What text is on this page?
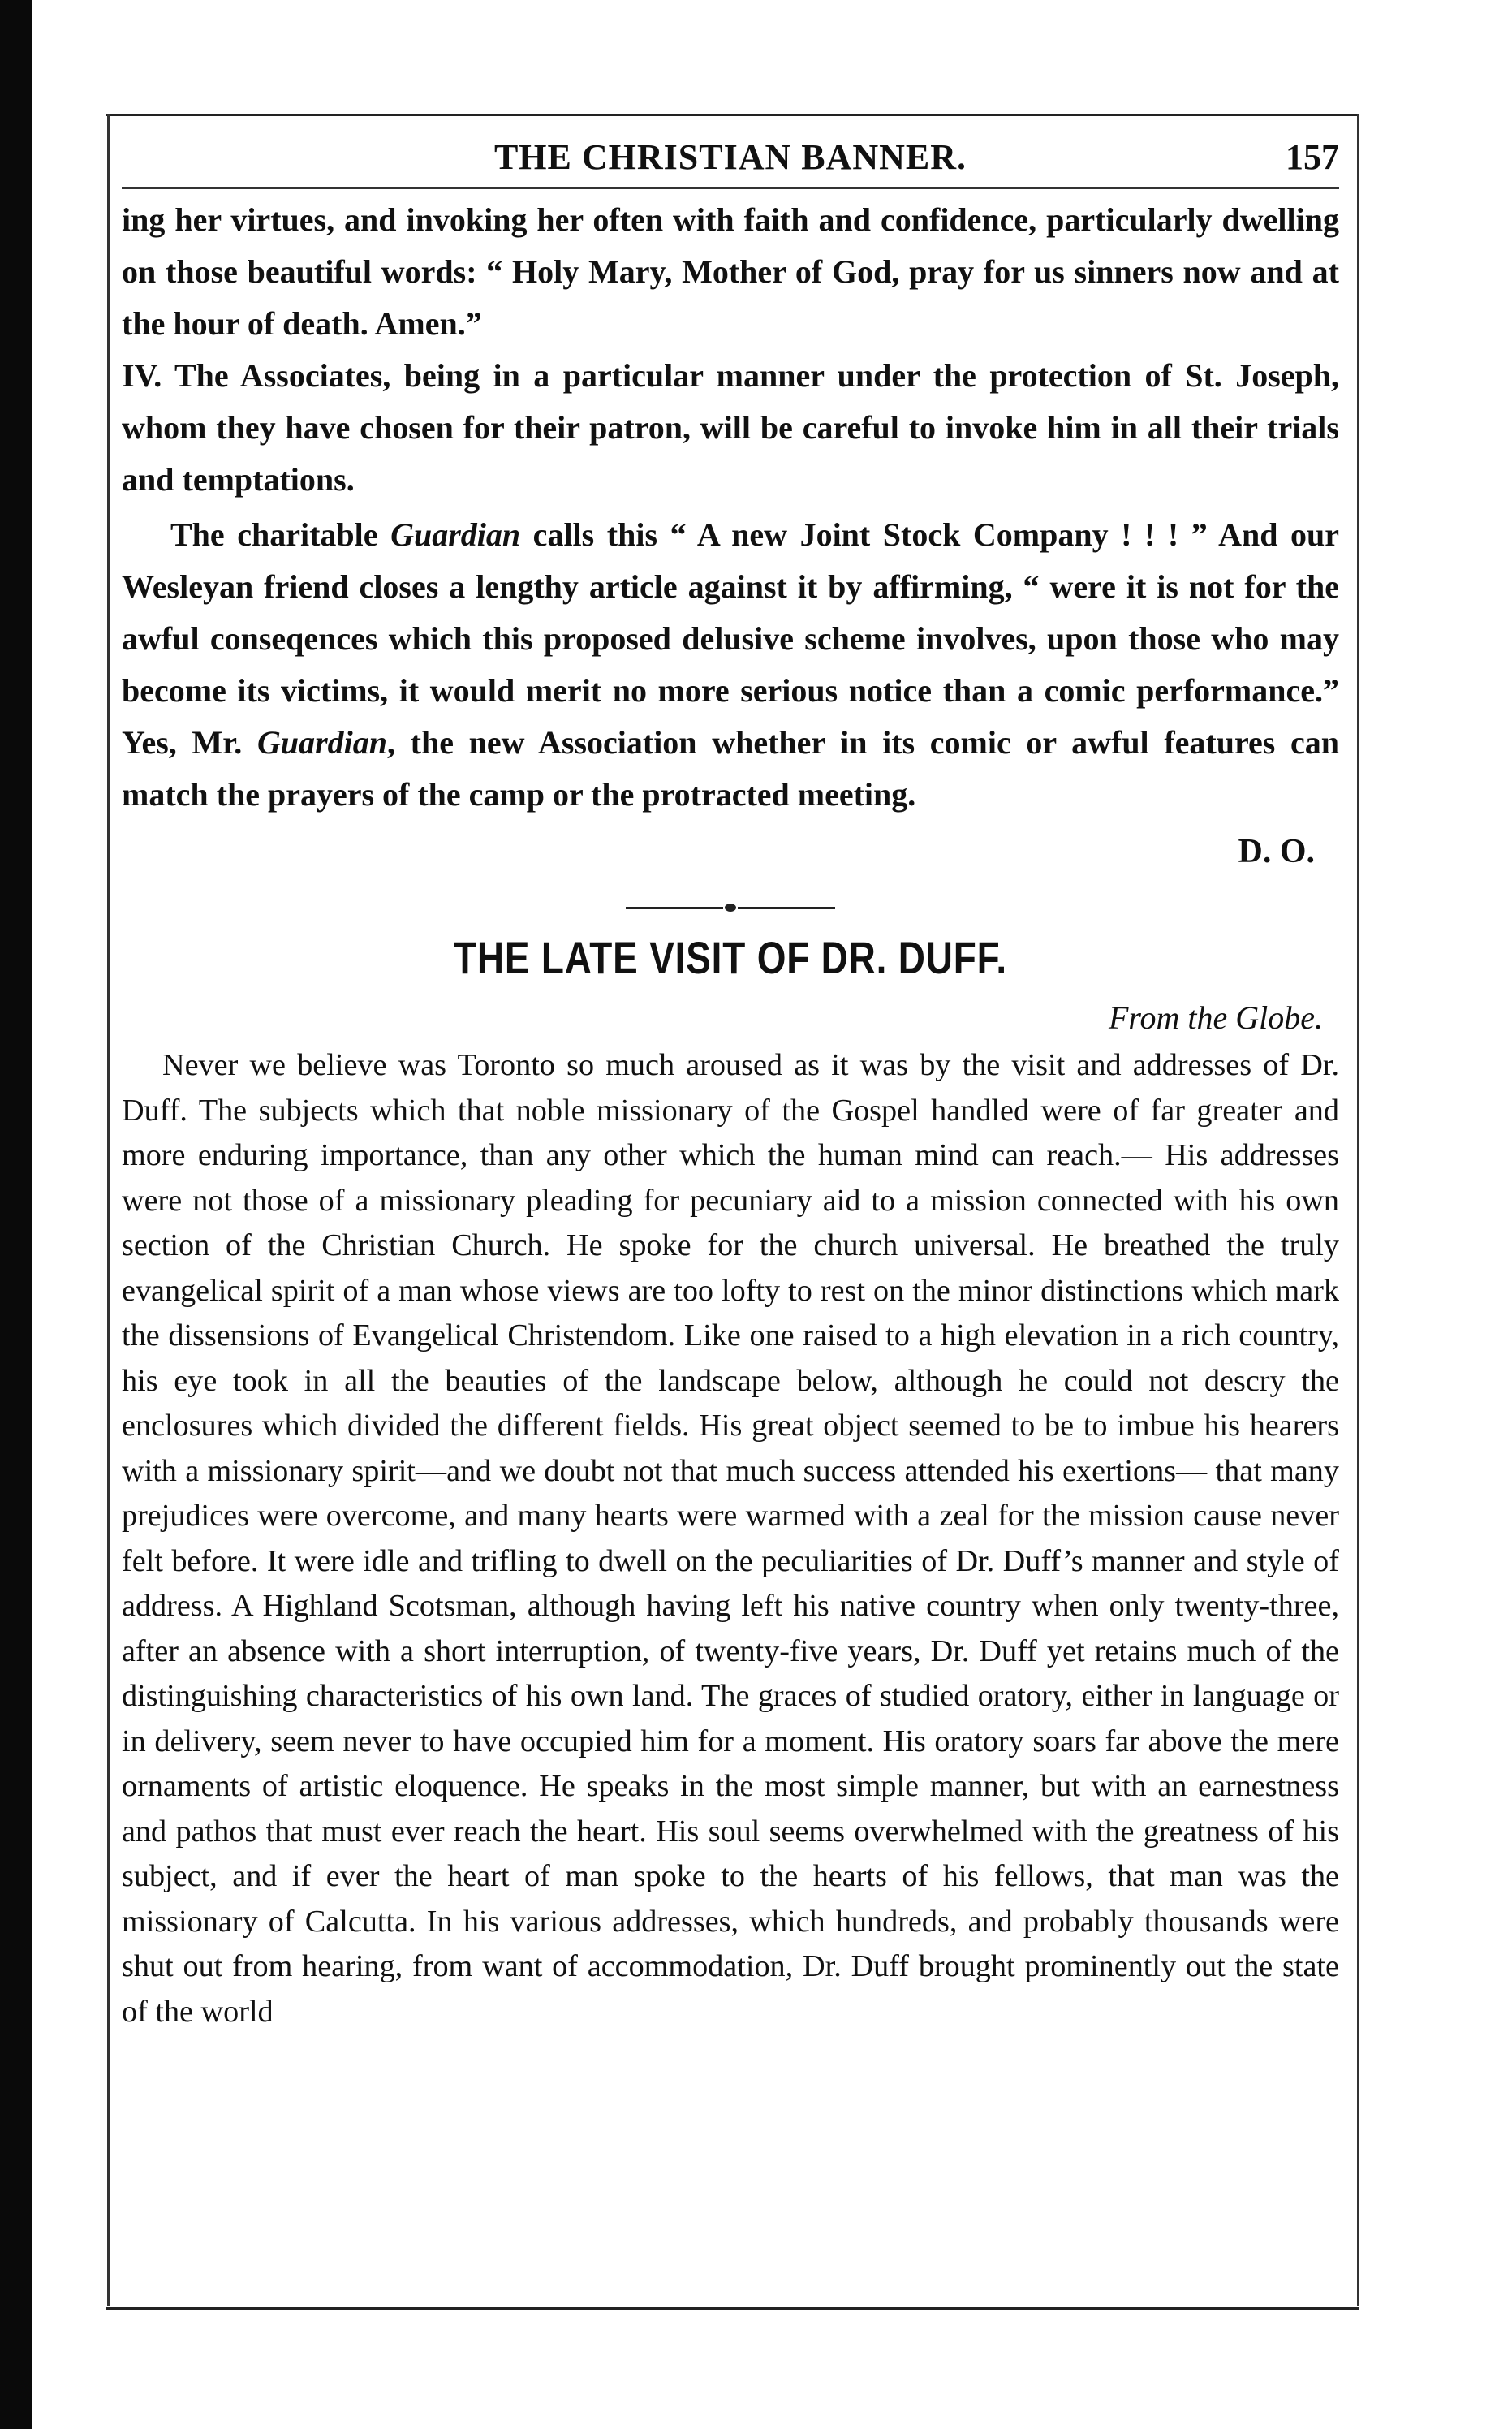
THE CHRISTIAN BANNER.	157

ing her virtues, and invoking her often with faith and confidence, particularly dwelling on those beautiful words: “ Holy Mary, Mother of God, pray for us sinners now and at the hour of death. Amen.”

IV. The Associates, being in a particular manner under the protection of St. Joseph, whom they have chosen for their patron, will be careful to invoke him in all their trials and temptations.

The charitable Guardian calls this “ A new Joint Stock Company ! ! ! ” And our Wesleyan friend closes a lengthy article against it by affirming, “ were it is not for the awful conseqences which this proposed delusive scheme involves, upon those who may become its victims, it would merit no more serious notice than a comic performance.” Yes, Mr. Guardian, the new Association whether in its comic or awful features can match the prayers of the camp or the protracted meeting.

D. O.
THE LATE VISIT OF DR. DUFF.
From the Globe.

Never we believe was Toronto so much aroused as it was by the visit and addresses of Dr. Duff. The subjects which that noble missionary of the Gospel handled were of far greater and more enduring importance, than any other which the human mind can reach.— His addresses were not those of a missionary pleading for pecuniary aid to a mission connected with his own section of the Christian Church. He spoke for the church universal. He breathed the truly evangelical spirit of a man whose views are too lofty to rest on the minor distinctions which mark the dissensions of Evangelical Christendom. Like one raised to a high elevation in a rich country, his eye took in all the beauties of the landscape below, although he could not descry the enclosures which divided the different fields. His great object seemed to be to imbue his hearers with a missionary spirit—and we doubt not that much success attended his exertions— that many prejudices were overcome, and many hearts were warmed with a zeal for the mission cause never felt before. It were idle and trifling to dwell on the peculiarities of Dr. Duff’s manner and style of address. A Highland Scotsman, although having left his native country when only twenty-three, after an absence with a short interruption, of twenty-five years, Dr. Duff yet retains much of the distinguishing characteristics of his own land. The graces of studied oratory, either in language or in delivery, seem never to have occupied him for a moment. His oratory soars far above the mere ornaments of artistic eloquence. He speaks in the most simple manner, but with an earnestness and pathos that must ever reach the heart. His soul seems overwhelmed with the greatness of his subject, and if ever the heart of man spoke to the hearts of his fellows, that man was the missionary of Calcutta. In his various addresses, which hundreds, and probably thousands were shut out from hearing, from want of accommodation, Dr. Duff brought prominently out the state of the world
